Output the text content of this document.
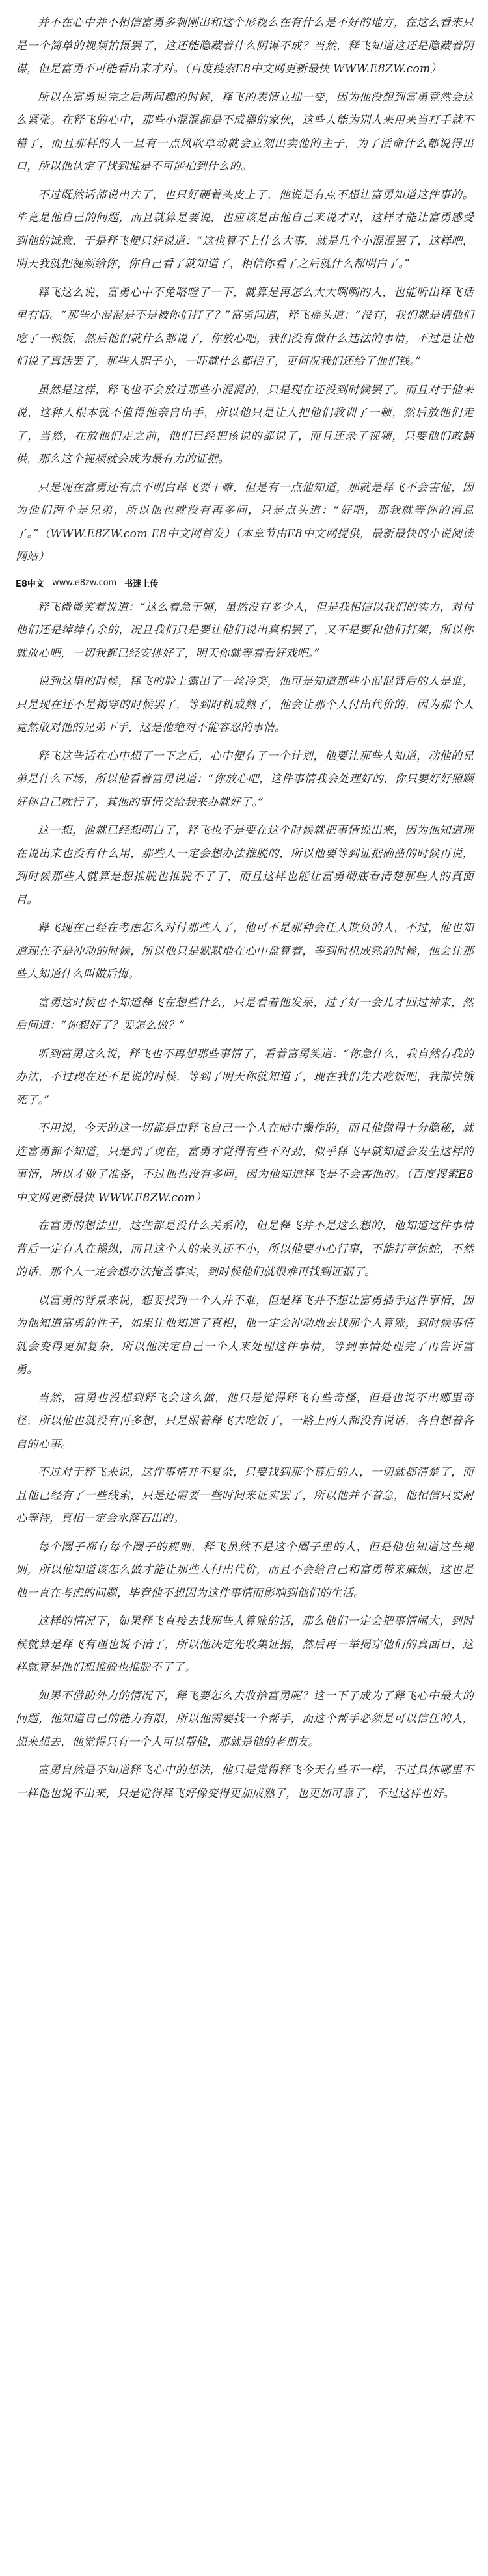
并不在心中并不相信富勇多刺刚出和这个形视么在有什么是不好的地方，在这么看来只是一个简单的视频拍摄罢了，这还能隐藏着什么阴谋不成？当然，释飞知道这还是隐藏着阴谋，但是富勇不可能看出来才对。（百度搜索E8中文网更新最快 WWW.E8ZW.com）

所以在富勇说完之后两问趣的时候，释飞的表情立拙一变，因为他没想到富勇竟然会这么紧张。在释飞的心中，那些小混混都是不成器的家伙，这些人能为别人来用来当打手就不错了，而且那样的人一旦有一点风吹草动就会立刻出卖他的主子，为了活命什么都说得出口，所以他认定了找到谁是不可能拍到什么的。

不过既然话都说出去了，也只好硬着头皮上了，他说是有点不想让富勇知道这件事的。毕竟是他自己的问题，而且就算是要说，也应该是由他自己来说才对，这样才能让富勇感受到他的诚意，于是释飞便只好说道：“这也算不上什么大事，就是几个小混混罢了，这样吧，明天我就把视频给你，你自己看了就知道了，相信你看了之后就什么都明白了。”

释飞这么说，富勇心中不免咯噔了一下，就算是再怎么大大咧咧的人，也能听出释飞话里有话。“那些小混混是不是被你们打了？”富勇问道，释飞摇头道：“没有，我们就是请他们吃了一顿饭，然后他们就什么都说了，你放心吧，我们没有做什么违法的事情，不过是让他们说了真话罢了，那些人胆子小，一吓就什么都招了，更何况我们还给了他们钱。”

虽然是这样，释飞也不会放过那些小混混的，只是现在还没到时候罢了。而且对于他来说，这种人根本就不值得他亲自出手，所以他只是让人把他们教训了一顿，然后放他们走了，当然，在放他们走之前，他们已经把该说的都说了，而且还录了视频，只要他们敢翻供，那么这个视频就会成为最有力的证据。

只是现在富勇还有点不明白释飞要干嘛，但是有一点他知道，那就是释飞不会害他，因为他们两个是兄弟，所以他也就没有再多问，只是点头道：“好吧，那我就等你的消息了。”（WWW.E8ZW.com E8中文网首发）（本章节由E8中文网提供，最新最快的小说阅读网站）

E8中文 www.e8zw.com 书迷上传

释飞微微笑着说道：“这么着急干嘛，虽然没有多少人，但是我相信以我们的实力，对付他们还是绰绰有余的，况且我们只是要让他们说出真相罢了，又不是要和他们打架，所以你就放心吧，一切我都已经安排好了，明天你就等着看好戏吧。”

说到这里的时候，释飞的脸上露出了一丝冷笑，他可是知道那些小混混背后的人是谁，只是现在还不是揭穿的时候罢了，等到时机成熟了，他会让那个人付出代价的，因为那个人竟然敢对他的兄弟下手，这是他绝对不能容忍的事情。

释飞这些话在心中想了一下之后，心中便有了一个计划，他要让那些人知道，动他的兄弟是什么下场，所以他看着富勇说道：“你放心吧，这件事情我会处理好的，你只要好好照顾好你自己就行了，其他的事情交给我来办就好了。”

这一想，他就已经想明白了，释飞也不是要在这个时候就把事情说出来，因为他知道现在说出来也没有什么用，那些人一定会想办法推脱的，所以他要等到证据确凿的时候再说，到时候那些人就算是想推脱也推脱不了了，而且这样也能让富勇彻底看清楚那些人的真面目。

释飞现在已经在考虑怎么对付那些人了，他可不是那种会任人欺负的人，不过，他也知道现在不是冲动的时候，所以他只是默默地在心中盘算着，等到时机成熟的时候，他会让那些人知道什么叫做后悔。

富勇这时候也不知道释飞在想些什么，只是看着他发呆，过了好一会儿才回过神来，然后问道：“你想好了？要怎么做？”

听到富勇这么说，释飞也不再想那些事情了，看着富勇笑道：“你急什么，我自然有我的办法，不过现在还不是说的时候，等到了明天你就知道了，现在我们先去吃饭吧，我都快饿死了。”

不用说，今天的这一切都是由释飞自己一个人在暗中操作的，而且他做得十分隐秘，就连富勇都不知道，只是到了现在，富勇才觉得有些不对劲，似乎释飞早就知道会发生这样的事情，所以才做了准备，不过他也没有多问，因为他知道释飞是不会害他的。（百度搜索E8中文网更新最快 WWW.E8ZW.com）

在富勇的想法里，这些都是没什么关系的，但是释飞并不是这么想的，他知道这件事情背后一定有人在操纵，而且这个人的来头还不小，所以他要小心行事，不能打草惊蛇，不然的话，那个人一定会想办法掩盖事实，到时候他们就很难再找到证据了。

以富勇的背景来说，想要找到一个人并不难，但是释飞并不想让富勇插手这件事情，因为他知道富勇的性子，如果让他知道了真相，他一定会冲动地去找那个人算账，到时候事情就会变得更加复杂，所以他决定自己一个人来处理这件事情，等到事情处理完了再告诉富勇。

当然，富勇也没想到释飞会这么做，他只是觉得释飞有些奇怪，但是也说不出哪里奇怪，所以他也就没有再多想，只是跟着释飞去吃饭了，一路上两人都没有说话，各自想着各自的心事。

不过对于释飞来说，这件事情并不复杂，只要找到那个幕后的人，一切就都清楚了，而且他已经有了一些线索，只是还需要一些时间来证实罢了，所以他并不着急，他相信只要耐心等待，真相一定会水落石出的。

每个圈子都有每个圈子的规则，释飞虽然不是这个圈子里的人，但是他也知道这些规则，所以他知道该怎么做才能让那些人付出代价，而且不会给自己和富勇带来麻烦，这也是他一直在考虑的问题，毕竟他不想因为这件事情而影响到他们的生活。

这样的情况下，如果释飞直接去找那些人算账的话，那么他们一定会把事情闹大，到时候就算是释飞有理也说不清了，所以他决定先收集证据，然后再一举揭穿他们的真面目，这样就算是他们想推脱也推脱不了了。

如果不借助外力的情况下，释飞要怎么去收拾富勇呢？这一下子成为了释飞心中最大的问题，他知道自己的能力有限，所以他需要找一个帮手，而这个帮手必须是可以信任的人，想来想去，他觉得只有一个人可以帮他，那就是他的老朋友。

富勇自然是不知道释飞心中的想法，他只是觉得释飞今天有些不一样，不过具体哪里不一样他也说不出来，只是觉得释飞好像变得更加成熟了，也更加可靠了，不过这样也好。
